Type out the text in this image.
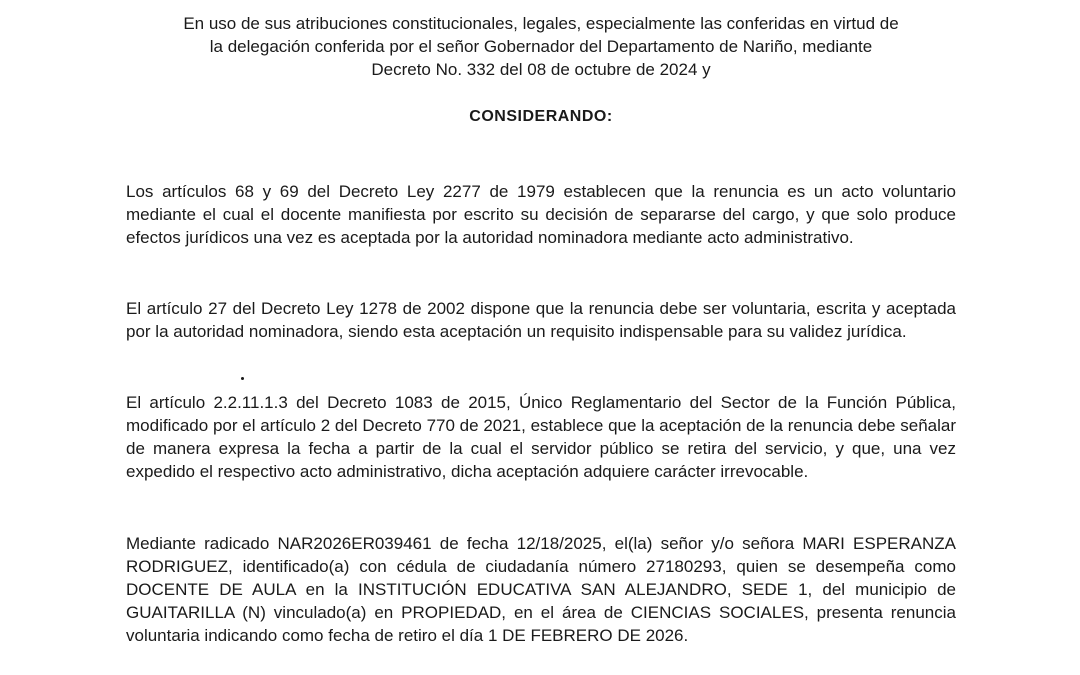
En uso de sus atribuciones constitucionales, legales, especialmente las conferidas en virtud de
la delegación conferida por el señor Gobernador del Departamento de Nariño, mediante
Decreto No. 332 del 08 de octubre de 2024 y
CONSIDERANDO:

Los artículos 68 y 69 del Decreto Ley 2277 de 1979 establecen que la renuncia es un acto voluntario mediante el cual el docente manifiesta por escrito su decisión de separarse del cargo, y que solo produce efectos jurídicos una vez es aceptada por la autoridad nominadora mediante acto administrativo.

El artículo 27 del Decreto Ley 1278 de 2002 dispone que la renuncia debe ser voluntaria, escrita y aceptada por la autoridad nominadora, siendo esta aceptación un requisito indispensable para su validez jurídica.

El artículo 2.2.11.1.3 del Decreto 1083 de 2015, Único Reglamentario del Sector de la Función Pública, modificado por el artículo 2 del Decreto 770 de 2021, establece que la aceptación de la renuncia debe señalar de manera expresa la fecha a partir de la cual el servidor público se retira del servicio, y que, una vez expedido el respectivo acto administrativo, dicha aceptación adquiere carácter irrevocable.

Mediante radicado NAR2026ER039461 de fecha 12/18/2025, el(la) señor y/o señora MARI ESPERANZA RODRIGUEZ, identificado(a) con cédula de ciudadanía número 27180293, quien se desempeña como DOCENTE DE AULA en la INSTITUCIÓN EDUCATIVA SAN ALEJANDRO, SEDE 1, del municipio de GUAITARILLA (N) vinculado(a) en PROPIEDAD, en el área de CIENCIAS SOCIALES, presenta renuncia voluntaria indicando como fecha de retiro el día 1 DE FEBRERO DE 2026.
